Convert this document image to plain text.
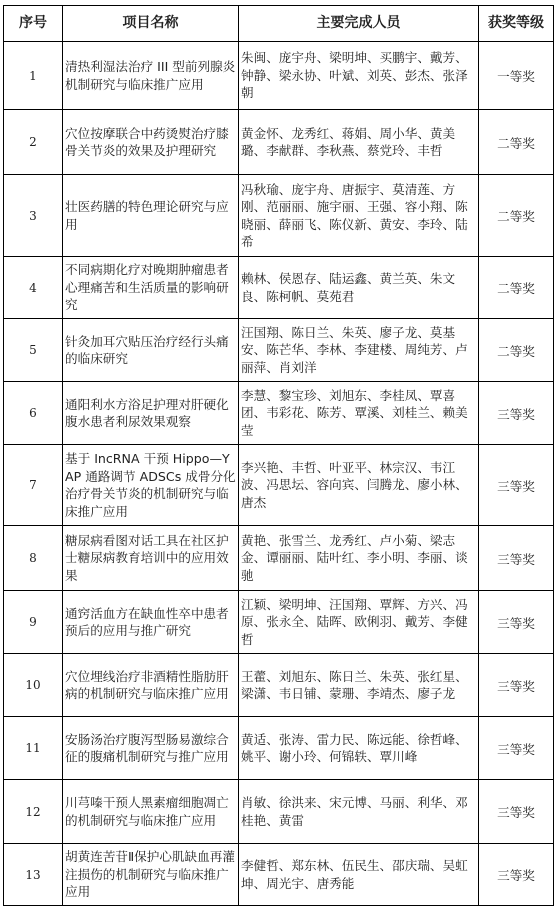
序号	项目名称	主要完成人员	获奖等级
1	清热利湿法治疗 III 型前列腺炎机制研究与临床推广应用	朱闽、庞宇舟、梁明坤、买鹏宇、戴芳、钟静、梁永协、叶斌、刘英、彭杰、张泽朝	一等奖
2	穴位按摩联合中药烫熨治疗膝骨关节炎的效果及护理研究	黄金怀、龙秀红、蒋娟、周小华、黄美璐、李献群、李秋燕、蔡党玲、丰哲	二等奖
3	壮医药膳的特色理论研究与应用	冯秋瑜、庞宇舟、唐振宇、莫清莲、方刚、范丽丽、施宇丽、王强、容小翔、陈晓丽、薛丽飞、陈仪新、黄安、李玲、陆希	二等奖
4	不同病期化疗对晚期肿瘤患者心理痛苦和生活质量的影响研究	赖林、侯恩存、陆运鑫、黄兰英、朱文良、陈柯帆、莫苑君	二等奖
5	针灸加耳穴贴压治疗经行头痛的临床研究	汪国翔、陈日兰、朱英、廖子龙、莫基安、陈芒华、李林、李建楼、周纯芳、卢丽萍、肖刘洋	二等奖
6	通阳利水方浴足护理对肝硬化腹水患者利尿效果观察	李慧、黎宝珍、刘旭东、李桂凤、覃喜团、韦彩花、陈芳、覃溪、刘桂兰、赖美莹	三等奖
7	基于 IncRNA 干预 Hippo—YAP 通路调节 ADSCs 成骨分化治疗骨关节炎的机制研究与临床推广应用	李兴艳、丰哲、叶亚平、林宗汉、韦江波、冯思坛、容向宾、闫腾龙、廖小林、唐杰	三等奖
8	糖尿病看图对话工具在社区护士糖尿病教育培训中的应用效果	黄艳、张雪兰、龙秀红、卢小菊、梁志金、谭丽丽、陆叶红、李小明、李丽、谈驰	三等奖
9	通窍活血方在缺血性卒中患者预后的应用与推广研究	江颖、梁明坤、汪国翔、覃辉、方兴、冯原、张永全、陆晖、欧俐羽、戴芳、李健哲	三等奖
10	穴位埋线治疗非酒精性脂肪肝病的机制研究与临床推广应用	王藿、刘旭东、陈日兰、朱英、张红星、梁潇、韦日铺、蒙珊、李靖杰、廖子龙	三等奖
11	安肠汤治疗腹泻型肠易激综合征的腹痛机制研究与推广应用	黄适、张涛、雷力民、陈远能、徐哲峰、姚平、谢小玲、何锦轶、覃川峰	三等奖
12	川芎嗪干预人黑素瘤细胞凋亡的机制研究与临床推广应用	肖敏、徐洪来、宋元博、马丽、利华、邓桂艳、黄雷	三等奖
13	胡黄连苦苷Ⅱ保护心肌缺血再灌注损伤的机制研究与临床推广应用	李健哲、郑东林、伍民生、邵庆瑞、吴虹坤、周光宇、唐秀能	三等奖
